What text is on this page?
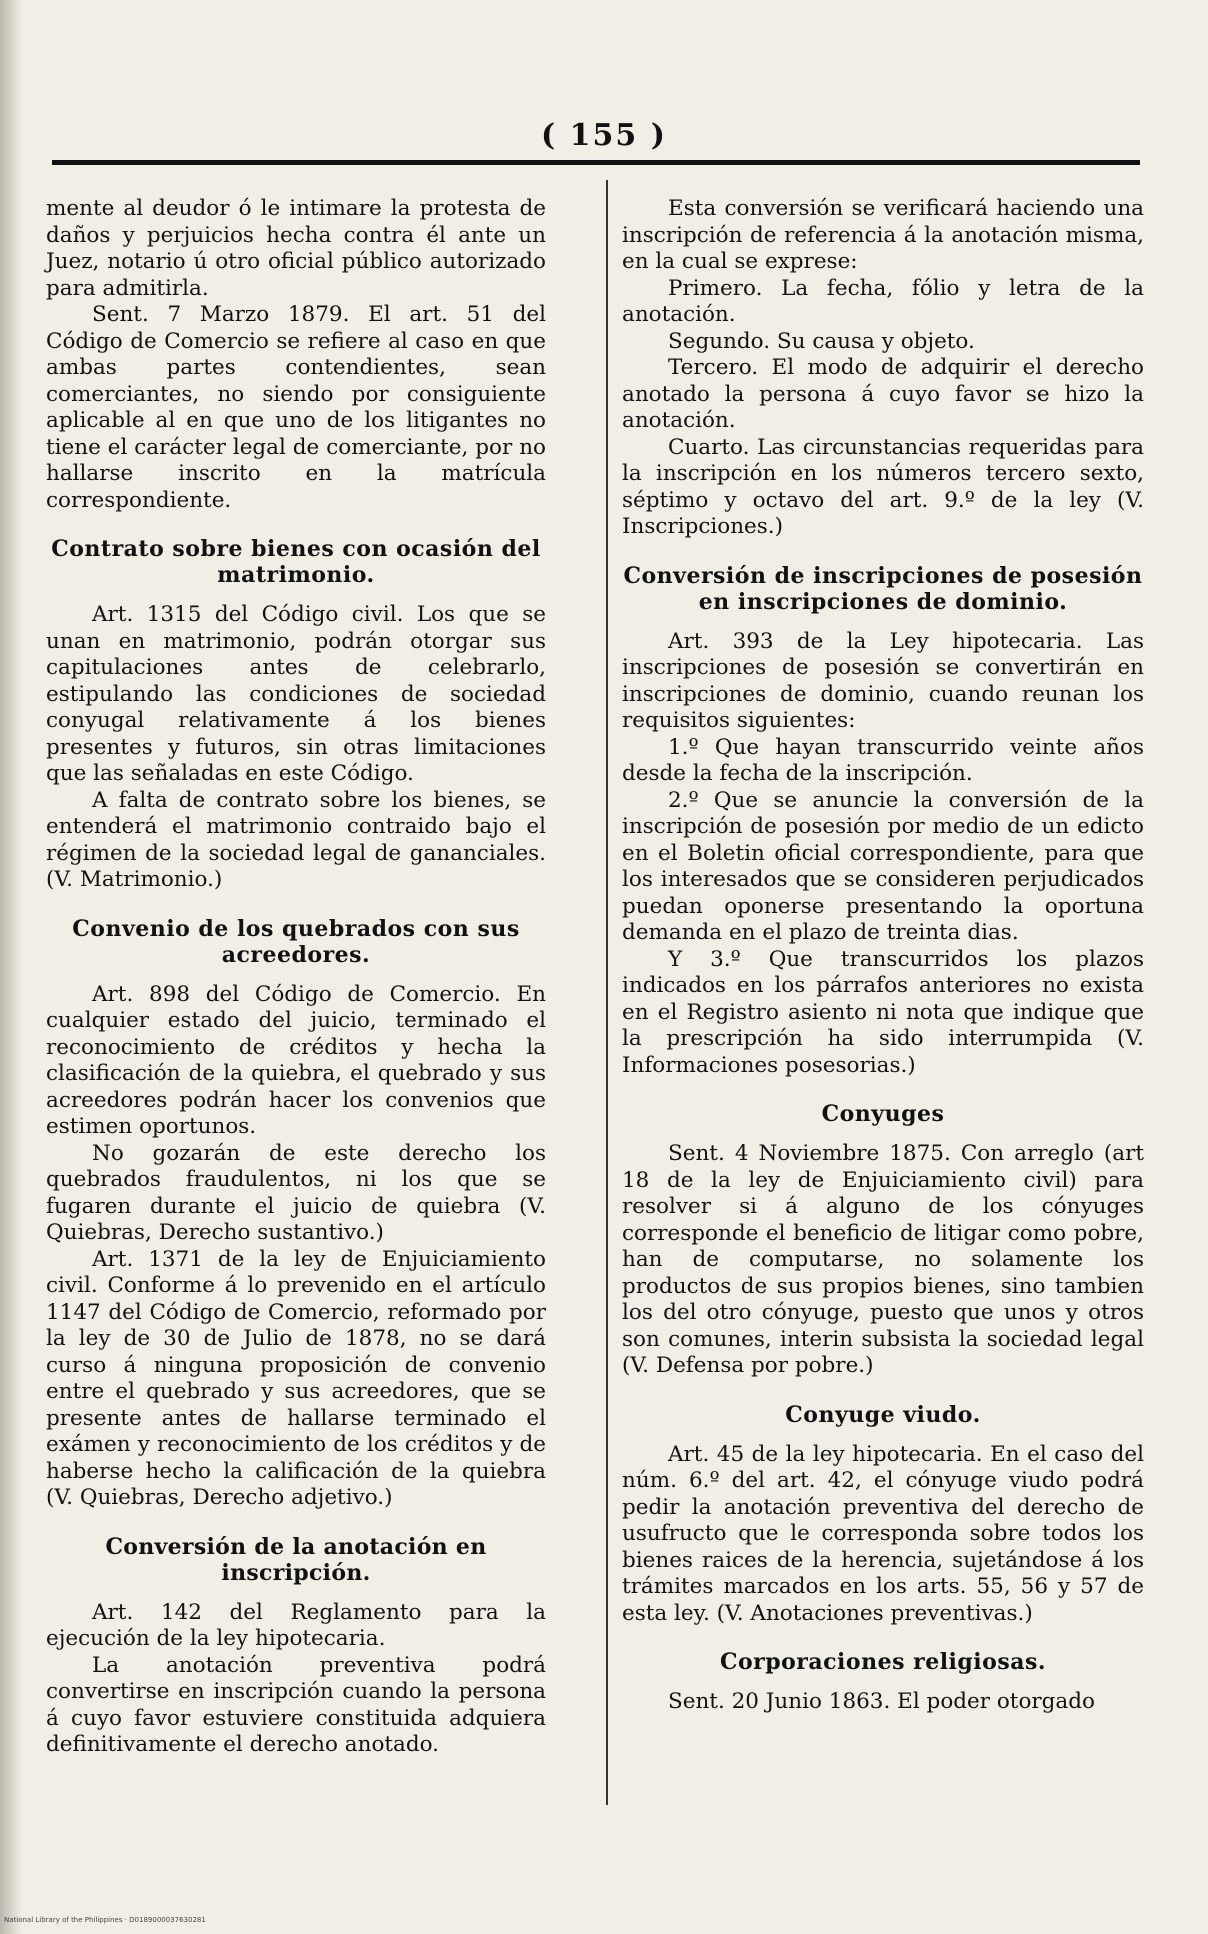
( 155 )

mente al deudor ó le intimare la protesta de daños y perjuicios hecha contra él ante un Juez, notario ú otro oficial público autorizado para admitirla.

Sent. 7 Marzo 1879. El art. 51 del Código de Comercio se refiere al caso en que ambas partes contendientes, sean comerciantes, no siendo por consiguiente aplicable al en que uno de los litigantes no tiene el carácter legal de comerciante, por no hallarse inscrito en la matrícula correspondiente.

Contrato sobre bienes con ocasión del matrimonio.

Art. 1315 del Código civil. Los que se unan en matrimonio, podrán otorgar sus capitulaciones antes de celebrarlo, estipulando las condiciones de sociedad conyugal relativamente á los bienes presentes y futuros, sin otras limitaciones que las señaladas en este Código.

A falta de contrato sobre los bienes, se entenderá el matrimonio contraido bajo el régimen de la sociedad legal de gananciales. (V. Matrimonio.)

Convenio de los quebrados con sus acreedores.

Art. 898 del Código de Comercio. En cualquier estado del juicio, terminado el reconocimiento de créditos y hecha la clasificación de la quiebra, el quebrado y sus acreedores podrán hacer los convenios que estimen oportunos.

No gozarán de este derecho los quebrados fraudulentos, ni los que se fugaren durante el juicio de quiebra (V. Quiebras, Derecho sustantivo.)

Art. 1371 de la ley de Enjuiciamiento civil. Conforme á lo prevenido en el artículo 1147 del Código de Comercio, reformado por la ley de 30 de Julio de 1878, no se dará curso á ninguna proposición de convenio entre el quebrado y sus acreedores, que se presente antes de hallarse terminado el exámen y reconocimiento de los créditos y de haberse hecho la calificación de la quiebra (V. Quiebras, Derecho adjetivo.)

Conversión de la anotación en inscripción.

Art. 142 del Reglamento para la ejecución de la ley hipotecaria.

La anotación preventiva podrá convertirse en inscripción cuando la persona á cuyo favor estuviere constituida adquiera definitivamente el derecho anotado.

Esta conversión se verificará haciendo una inscripción de referencia á la anotación misma, en la cual se exprese:

Primero. La fecha, fólio y letra de la anotación.

Segundo. Su causa y objeto.

Tercero. El modo de adquirir el derecho anotado la persona á cuyo favor se hizo la anotación.

Cuarto. Las circunstancias requeridas para la inscripción en los números tercero sexto, séptimo y octavo del art. 9.º de la ley (V. Inscripciones.)

Conversión de inscripciones de posesión en inscripciones de dominio.

Art. 393 de la Ley hipotecaria. Las inscripciones de posesión se convertirán en inscripciones de dominio, cuando reunan los requisitos siguientes:

1.º Que hayan transcurrido veinte años desde la fecha de la inscripción.

2.º Que se anuncie la conversión de la inscripción de posesión por medio de un edicto en el Boletin oficial correspondiente, para que los interesados que se consideren perjudicados puedan oponerse presentando la oportuna demanda en el plazo de treinta dias.

Y 3.º Que transcurridos los plazos indicados en los párrafos anteriores no exista en el Registro asiento ni nota que indique que la prescripción ha sido interrumpida (V. Informaciones posesorias.)

Conyuges

Sent. 4 Noviembre 1875. Con arreglo (art 18 de la ley de Enjuiciamiento civil) para resolver si á alguno de los cónyuges corresponde el beneficio de litigar como pobre, han de computarse, no solamente los productos de sus propios bienes, sino tambien los del otro cónyuge, puesto que unos y otros son comunes, interin subsista la sociedad legal (V. Defensa por pobre.)

Conyuge viudo.

Art. 45 de la ley hipotecaria. En el caso del núm. 6.º del art. 42, el cónyuge viudo podrá pedir la anotación preventiva del derecho de usufructo que le corresponda sobre todos los bienes raices de la herencia, sujetándose á los trámites marcados en los arts. 55, 56 y 57 de esta ley. (V. Anotaciones preventivas.)

Corporaciones religiosas.

Sent. 20 Junio 1863. El poder otorgado

National Library of the Philippines · D0189000037630281
